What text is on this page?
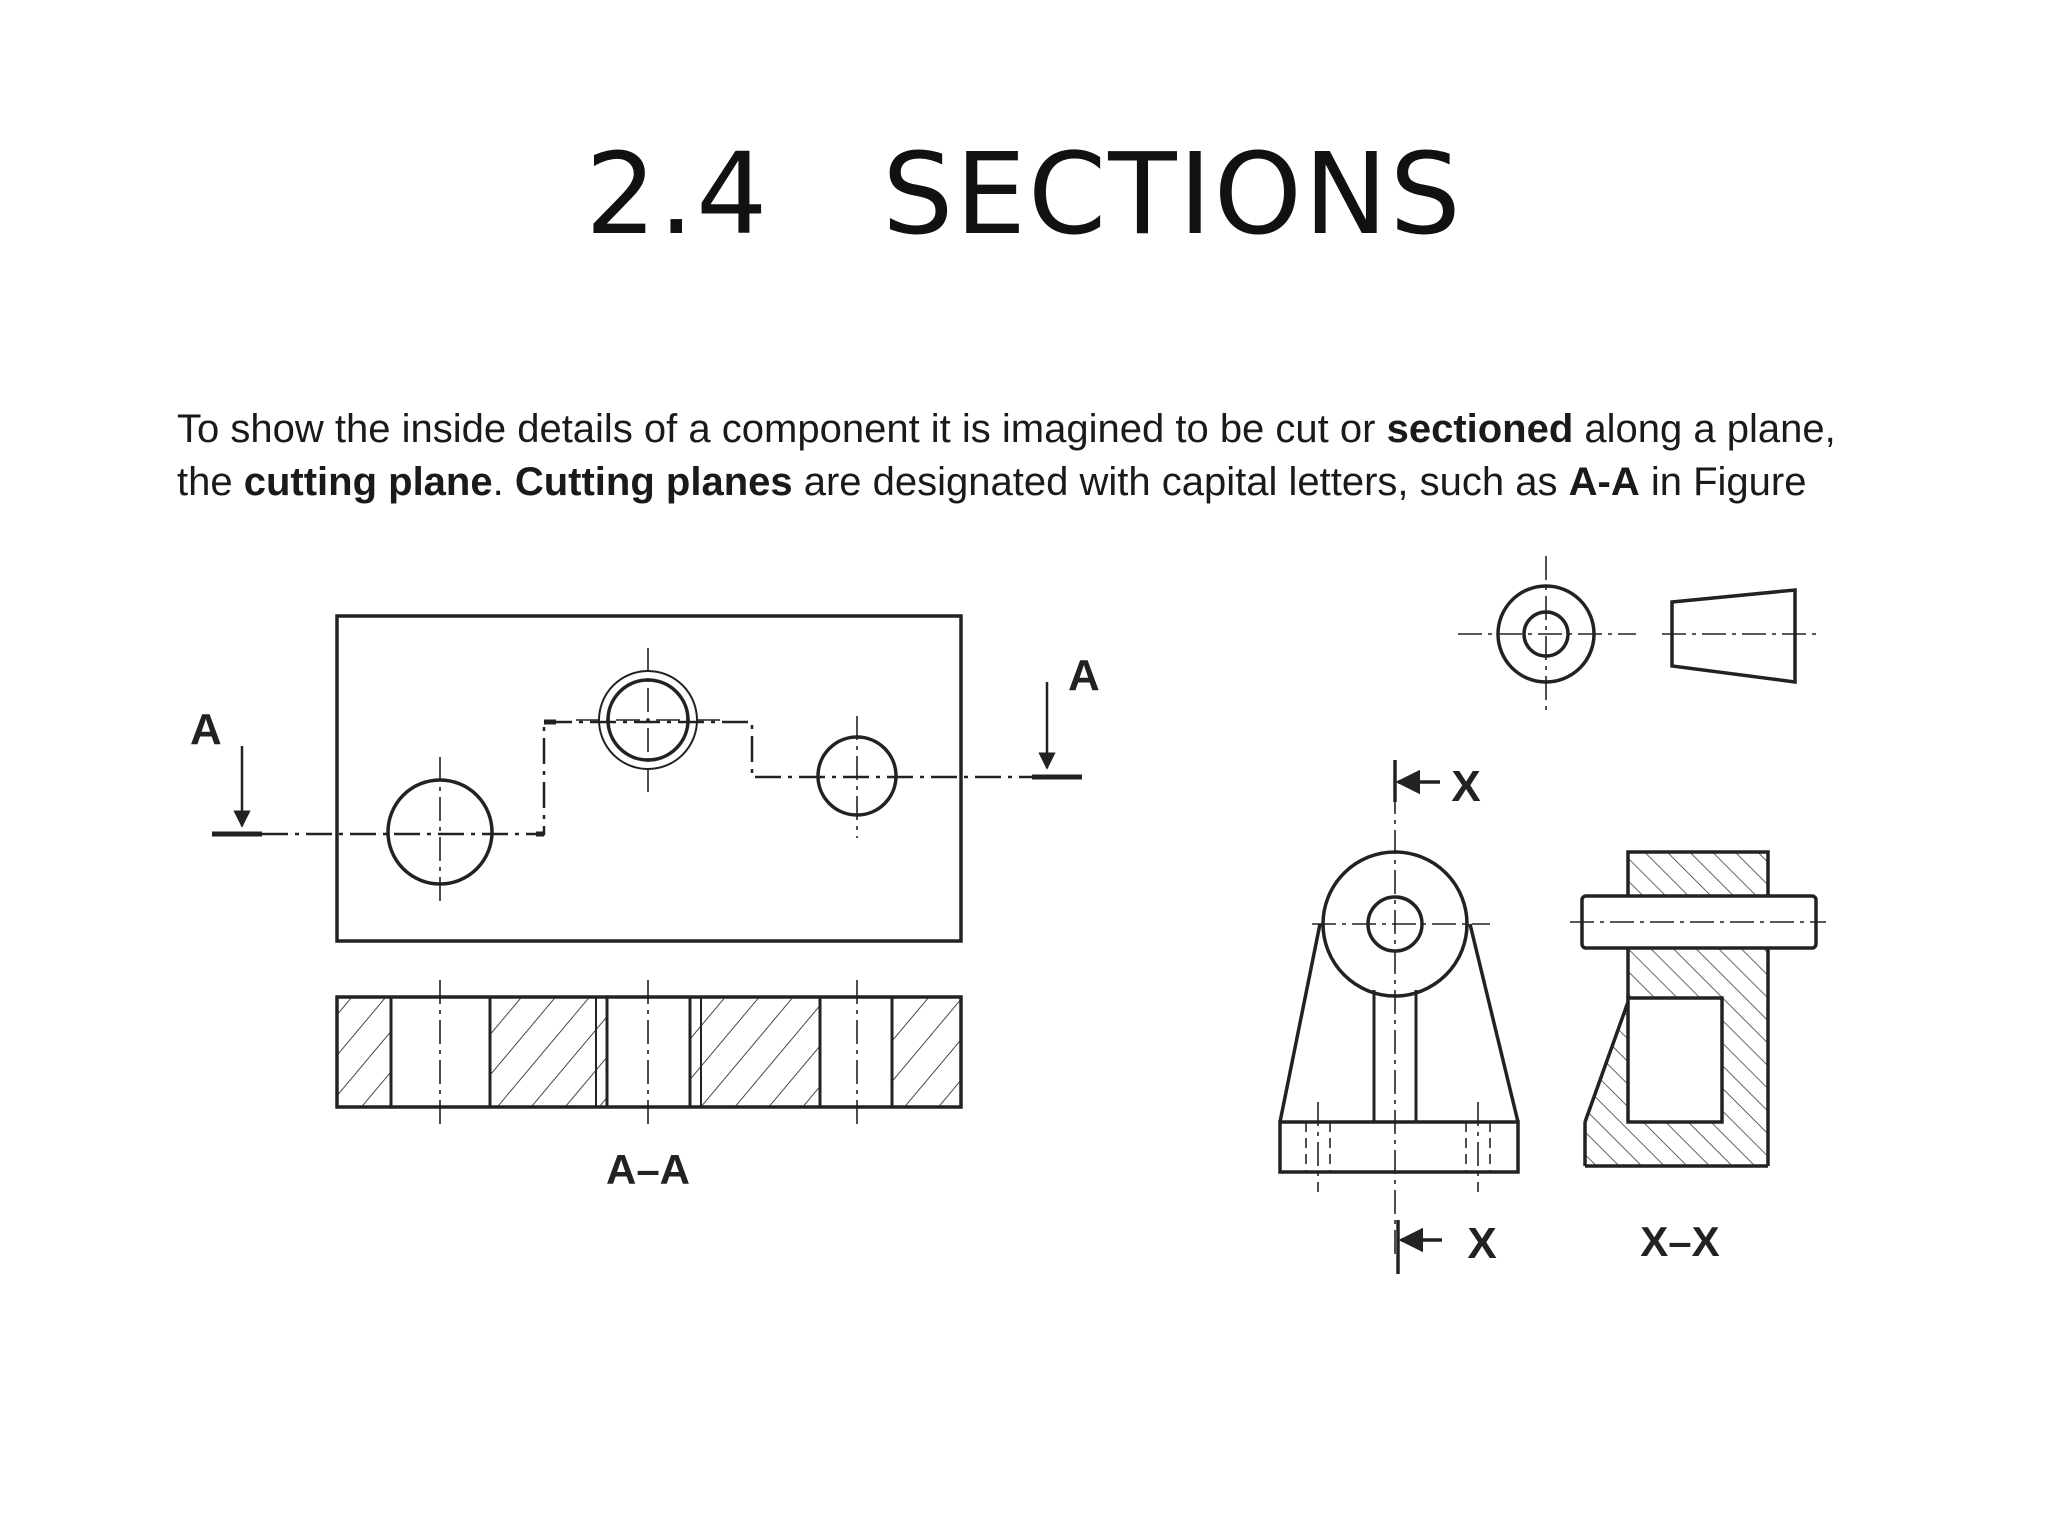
2.4   SECTIONS
To show the inside details of a component it is imagined to be cut or sectioned along a plane, the cutting plane. Cutting planes are designated with capital letters, such as A-A in Figure
A
A
A–A
X
X	X–X
